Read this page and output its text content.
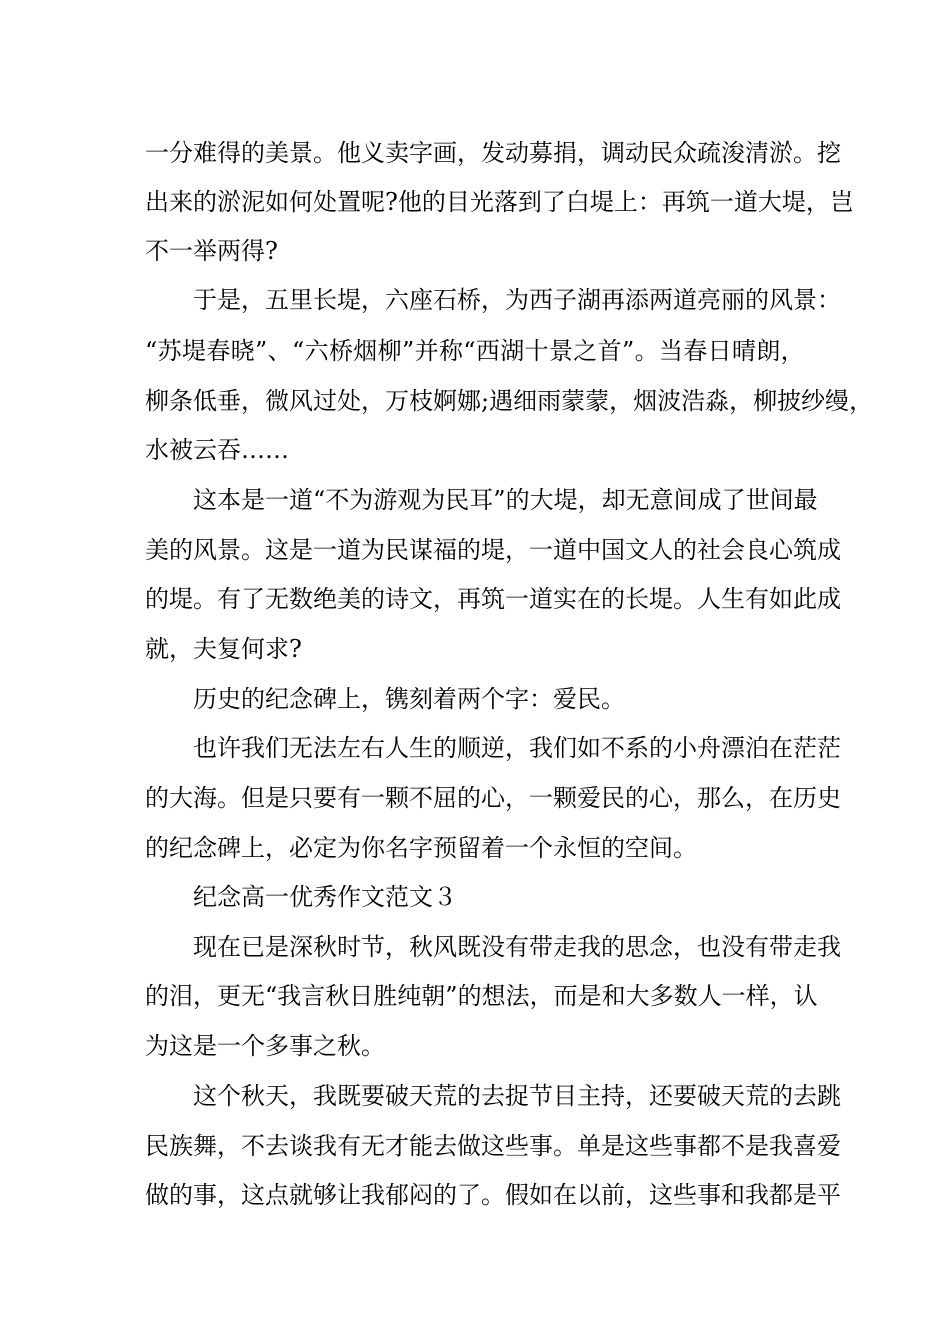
一 分 难 得 的 美 景 。 他 义 卖 字 画 ， 发 动 募 捐 ， 调 动 民 众 疏 浚 清 淤 。 挖
出 来 的 淤 泥 如 何 处 置 呢 ? 他 的 目 光 落 到 了 白 堤 上 ： 再 筑 一 道 大 堤 ， 岂
不一举两得?
于 是 ， 五 里 长 堤 ， 六 座 石 桥 ， 为 西 子 湖 再 添 两 道 亮 丽 的 风 景 ：
“ 苏 堤 春 晓 ” 、 “ 六 桥 烟 柳 ” 并 称 “ 西 湖 十 景 之 首 ” 。 当 春 日 晴 朗 ，
柳 条 低 垂 ， 微 风 过 处 ， 万 枝 婀 娜 ; 遇 细 雨 蒙 蒙 ， 烟 波 浩 淼 ， 柳 披 纱 缦 ，
水被云吞……
这 本 是 一 道 “ 不 为 游 观 为 民 耳 ” 的 大 堤 ， 却 无 意 间 成 了 世 间 最
美 的 风 景 。 这 是 一 道 为 民 谋 福 的 堤 ， 一 道 中 国 文 人 的 社 会 良 心 筑 成
的 堤 。 有 了 无 数 绝 美 的 诗 文 ， 再 筑 一 道 实 在 的 长 堤 。 人 生 有 如 此 成
就，夫复何求?
历史的纪念碑上，镌刻着两个字：爱民。
也 许 我 们 无 法 左 右 人 生 的 顺 逆 ， 我 们 如 不 系 的 小 舟 漂 泊 在 茫 茫
的 大 海 。 但 是 只 要 有 一 颗 不 屈 的 心 ， 一 颗 爱 民 的 心 ， 那 么 ， 在 历 史
的纪念碑上，必定为你名字预留着一个永恒的空间。
纪念高一优秀作文范文３
现 在 已 是 深 秋 时 节 ， 秋 风 既 没 有 带 走 我 的 思 念 ， 也 没 有 带 走 我
的 泪 ， 更 无 “ 我 言 秋 日 胜 纯 朝 ” 的 想 法 ， 而 是 和 大 多 数 人 一 样 ， 认
为这是一个多事之秋。
这 个 秋 天 ， 我 既 要 破 天 荒 的 去 捉 节 目 主 持 ， 还 要 破 天 荒 的 去 跳
民 族 舞 ， 不 去 谈 我 有 无 才 能 去 做 这 些 事 。 单 是 这 些 事 都 不 是 我 喜 爱
做 的 事 ， 这 点 就 够 让 我 郁 闷 的 了 。 假 如 在 以 前 ， 这 些 事 和 我 都 是 平
